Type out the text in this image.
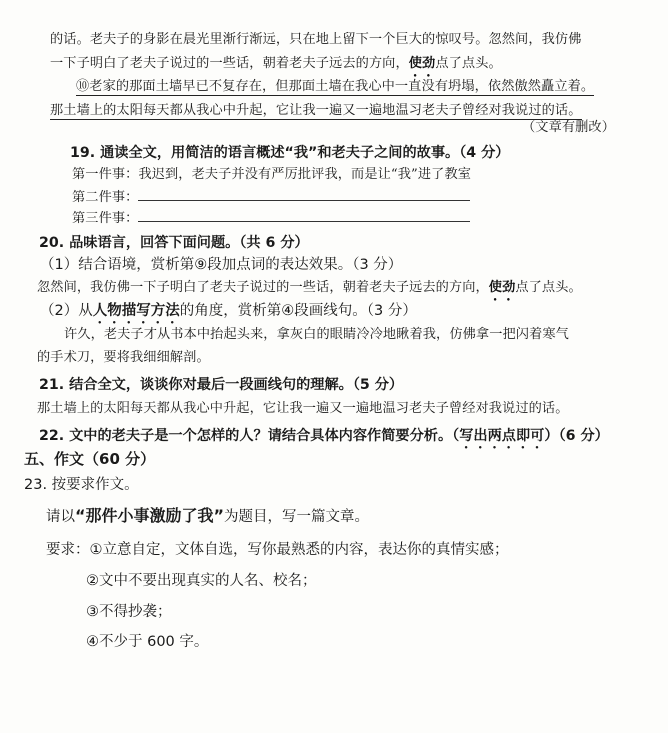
的话。老夫子的身影在晨光里渐行渐远，只在地上留下一个巨大的惊叹号。忽然间，我仿佛
一下子明白了老夫子说过的一些话，朝着老夫子远去的方向，使劲点了点头。
⑩老家的那面土墙早已不复存在，但那面土墙在我心中一直没有坍塌，依然傲然矗立着。
那土墙上的太阳每天都从我心中升起，它让我一遍又一遍地温习老夫子曾经对我说过的话。
（文章有删改）
19. 通读全文，用简洁的语言概述“我”和老夫子之间的故事。（4 分）
第一件事：我迟到，老夫子并没有严厉批评我，而是让“我”进了教室
第二件事：
第三件事：
20. 品味语言，回答下面问题。（共 6 分）
（1）结合语境，赏析第⑨段加点词的表达效果。（3 分）
忽然间，我仿佛一下子明白了老夫子说过的一些话，朝着老夫子远去的方向，使劲点了点头。
（2）从人物描写方法的角度，赏析第④段画线句。（3 分）
许久，老夫子才从书本中抬起头来，拿灰白的眼睛冷冷地瞅着我，仿佛拿一把闪着寒气
的手术刀，要将我细细解剖。
21. 结合全文，谈谈你对最后一段画线句的理解。（5 分）
那土墙上的太阳每天都从我心中升起，它让我一遍又一遍地温习老夫子曾经对我说过的话。
22. 文中的老夫子是一个怎样的人？请结合具体内容作简要分析。（写出两点即可）（6 分）
五、作文（60 分）
23. 按要求作文。
请以“那件小事激励了我”为题目，写一篇文章。
要求：①立意自定，文体自选，写你最熟悉的内容，表达你的真情实感；
②文中不要出现真实的人名、校名；
③不得抄袭；
④不少于 600 字。
